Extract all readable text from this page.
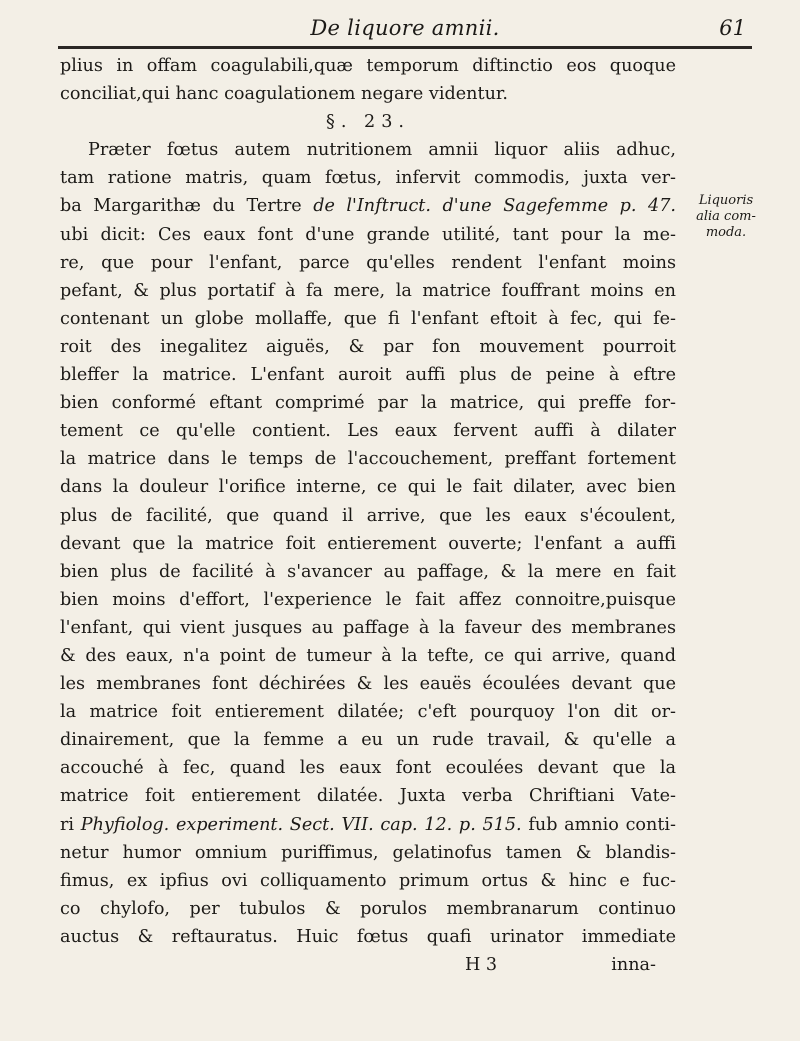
De liquore amnii.	61
Liquoris
alia com-
moda.
plius in offam coagulabili,quæ temporum diftinctio eos quoque
conciliat,qui hanc coagulationem negare videntur.
§. 23.
Præter fœtus autem nutritionem amnii liquor aliis adhuc,
tam ratione matris, quam fœtus, infervit commodis, juxta ver-
ba Margarithæ du Tertre de l'Inftruct. d'une Sagefemme p. 47.
ubi dicit: Ces eaux font d'une grande utilité, tant pour la me-
re, que pour l'enfant, parce qu'elles rendent l'enfant moins
pefant, & plus portatif à fa mere, la matrice fouffrant moins en
contenant un globe mollaffe, que fi l'enfant eftoit à fec, qui fe-
roit des inegalitez aiguës, & par fon mouvement pourroit
bleffer la matrice. L'enfant auroit auffi plus de peine à eftre
bien conformé eftant comprimé par la matrice, qui preffe for-
tement ce qu'elle contient. Les eaux fervent auffi à dilater
la matrice dans le temps de l'accouchement, preffant fortement
dans la douleur l'orifice interne, ce qui le fait dilater, avec bien
plus de facilité, que quand il arrive, que les eaux s'écoulent,
devant que la matrice foit entierement ouverte; l'enfant a auffi
bien plus de facilité à s'avancer au paffage, & la mere en fait
bien moins d'effort, l'experience le fait affez connoitre,puisque
l'enfant, qui vient jusques au paffage à la faveur des membranes
& des eaux, n'a point de tumeur à la tefte, ce qui arrive, quand
les membranes font déchirées & les eauës écoulées devant que
la matrice foit entierement dilatée; c'eft pourquoy l'on dit or-
dinairement, que la femme a eu un rude travail, & qu'elle a
accouché à fec, quand les eaux font ecoulées devant que la
matrice foit entierement dilatée. Juxta verba Chriftiani Vate-
ri Phyfiolog. experiment. Sect. VII. cap. 12. p. 515. fub amnio conti-
netur humor omnium puriffimus, gelatinofus tamen & blandis-
fimus, ex ipfius ovi colliquamento primum ortus & hinc e fuc-
co chylofo, per tubulos & porulos membranarum continuo
auctus & reftauratus. Huic fœtus quafi urinator immediate
H 3	inna-
